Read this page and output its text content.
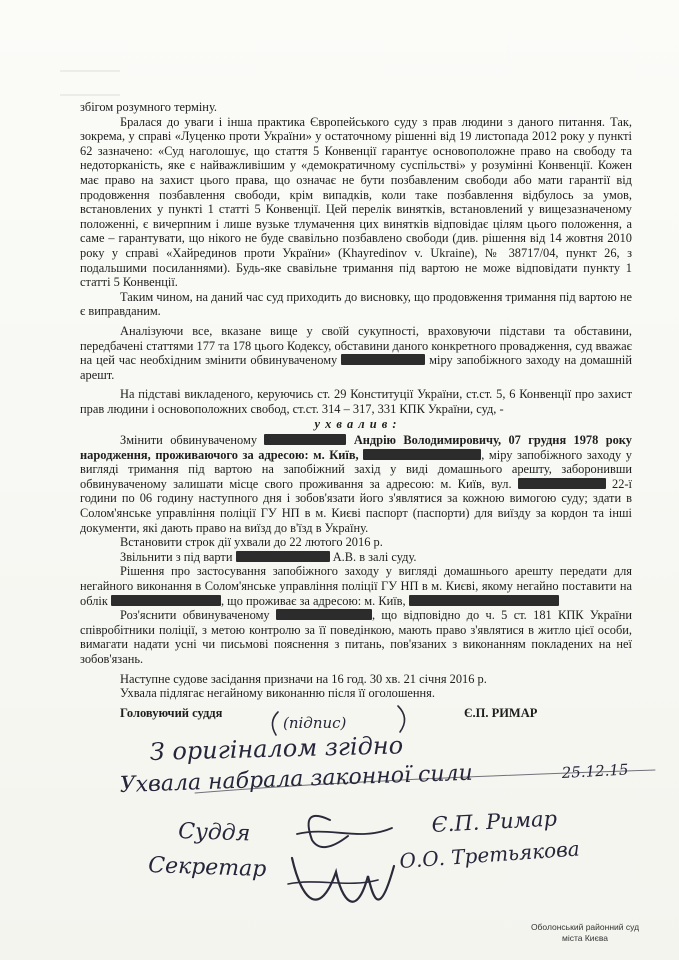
збігом розумного терміну.

Бралася до уваги і інша практика Європейського суду з прав людини з даного питання. Так, зокрема, у справі «Луценко проти України» у остаточному рішенні від 19 листопада 2012 року у пункті 62 зазначено: «Суд наголошує, що стаття 5 Конвенції гарантує основоположне право на свободу та недоторканість, яке є найважливішим у «демократичному суспільстві» у розумінні Конвенції. Кожен має право на захист цього права, що означає не бути позбавленим свободи або мати гарантії від продовження позбавлення свободи, крім випадків, коли таке позбавлення відбулось за умов, встановлених у пункті 1 статті 5 Конвенції. Цей перелік винятків, встановлений у вищезазначеному положенні, є вичерпним і лише вузьке тлумачення цих винятків відповідає цілям цього положення, а саме – гарантувати, що нікого не буде свавільно позбавлено свободи (див. рішення від 14 жовтня 2010 року у справі «Хайрединов проти України» (Khayredinov v. Ukraine), № 38717/04, пункт 26, з подальшими посиланнями). Будь-яке свавільне тримання під вартою не може відповідати пункту 1 статті 5 Конвенції.

Таким чином, на даний час суд приходить до висновку, що продовження тримання під вартою не є виправданим.

Аналізуючи все, вказане вище у своїй сукупності, враховуючи підстави та обставини, передбачені статтями 177 та 178 цього Кодексу, обставини даного конкретного провадження, суд вважає на цей час необхідним змінити обвинуваченому	міру запобіжного заходу на домашній арешт.

На підставі викладеного, керуючись ст. 29 Конституції України, ст.ст. 5, 6 Конвенції про захист прав людини і основоположних свобод, ст.ст. 314 – 317, 331 КПК України, суд, -

у х в а л и в :

Змінити обвинуваченому	Андрію Володимировичу, 07 грудня 1978 року народження, проживаючого за адресою: м. Київ,	, міру запобіжного заходу у вигляді тримання під вартою на запобіжний захід у виді домашнього арешту, заборонивши обвинуваченому залишати місце свого проживання за адресою: м. Київ, вул.	22-ї години по 06 годину наступного дня і зобов'язати його з'являтися за кожною вимогою суду; здати в Солом'янське управління поліції ГУ НП в м. Києві паспорт (паспорти) для виїзду за кордон та інші документи, які дають право на виїзд до в'їзд в Україну.

Встановити строк дії ухвали до 22 лютого 2016 р.

Звільнити з під варти	А.В. в залі суду.

Рішення про застосування запобіжного заходу у вигляді домашнього арешту передати для негайного виконання в Солом'янське управління поліції ГУ НП в м. Києві, якому негайно поставити на облік	, що проживає за адресою: м. Київ,

Роз'яснити обвинуваченому	, що відповідно до ч. 5 ст. 181 КПК України співробітники поліції, з метою контролю за її поведінкою, мають право з'являтися в житло цієї особи, вимагати надати усні чи письмові пояснення з питань, пов'язаних з виконанням покладених на неї зобов'язань.

Наступне судове засідання призначи на 16 год. 30 хв. 21 січня 2016 р.

Ухвала підлягає негайному виконанню після її оголошення.

Головуючий суддя	Є.П. РИМАР
(підпис)
З оригіналом згідно
Ухвала набрала законної сили	25.12.15
Суддя	Є.П. Римар
Секретар	О.О. Третьякова
Оболонський районний суд
міста Києва
